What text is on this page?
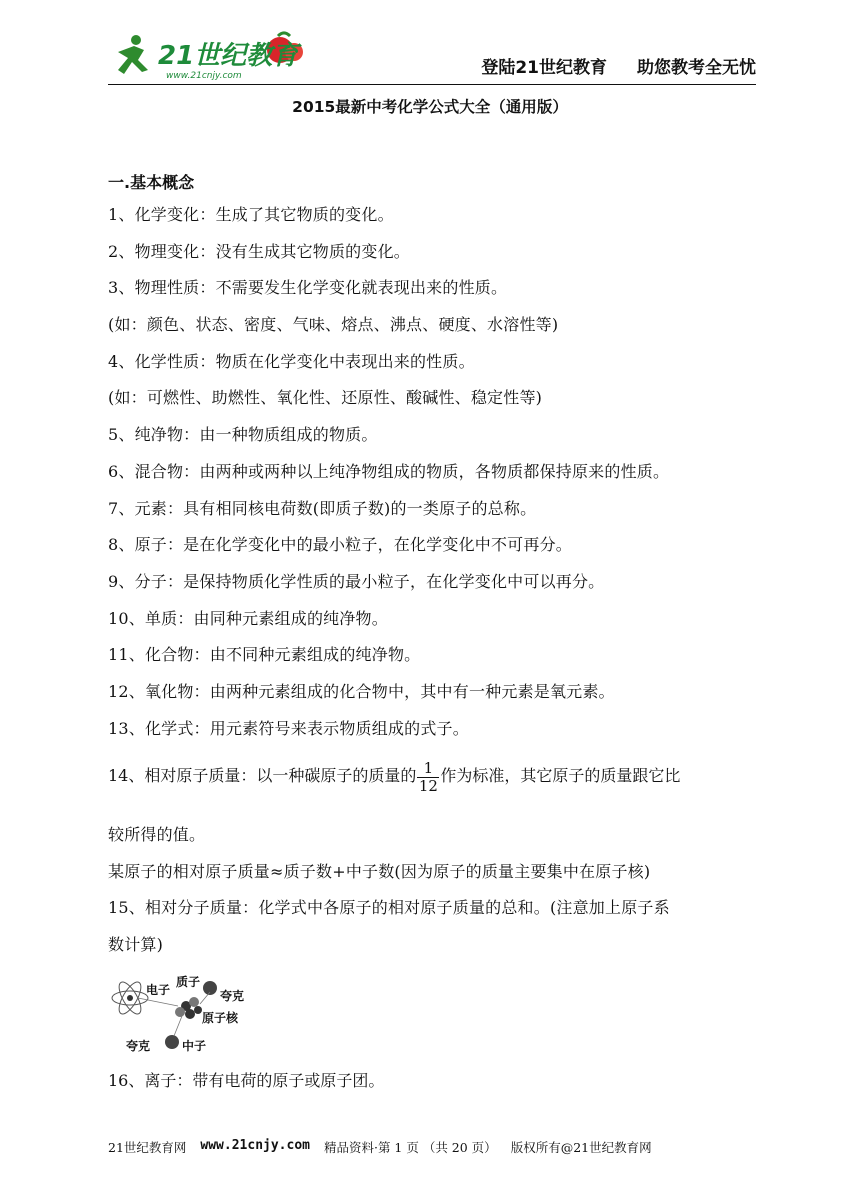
21世纪教育
www.21cnjy.com	登陆21世纪教育 助您教考全无忧
2015最新中考化学公式大全（通用版）
一.基本概念
1、化学变化：生成了其它物质的变化。
2、物理变化：没有生成其它物质的变化。
3、物理性质：不需要发生化学变化就表现出来的性质。
(如：颜色、状态、密度、气味、熔点、沸点、硬度、水溶性等)
4、化学性质：物质在化学变化中表现出来的性质。
(如：可燃性、助燃性、氧化性、还原性、酸碱性、稳定性等)
5、纯净物：由一种物质组成的物质。
6、混合物：由两种或两种以上纯净物组成的物质，各物质都保持原来的性质。
7、元素：具有相同核电荷数(即质子数)的一类原子的总称。
8、原子：是在化学变化中的最小粒子，在化学变化中不可再分。
9、分子：是保持物质化学性质的最小粒子，在化学变化中可以再分。
10、单质：由同种元素组成的纯净物。
11、化合物：由不同种元素组成的纯净物。
12、氧化物：由两种元素组成的化合物中，其中有一种元素是氧元素。
13、化学式：用元素符号来表示物质组成的式子。
14、相对原子质量：以一种碳原子的质量的 $\frac{1}{12}$ 作为标准，其它原子的质量跟它比
较所得的值。
某原子的相对原子质量≈质子数+中子数(因为原子的质量主要集中在原子核)
15、相对分子质量：化学式中各原子的相对原子质量的总和。(注意加上原子系
数计算)
电子
质子
夸克
原子核
夸克	中子
16、离子：带有电荷的原子或原子团。
21世纪教育网 www.21cnjy.com 精品资料·第 1 页 （共 20 页） 版权所有@21世纪教育网
